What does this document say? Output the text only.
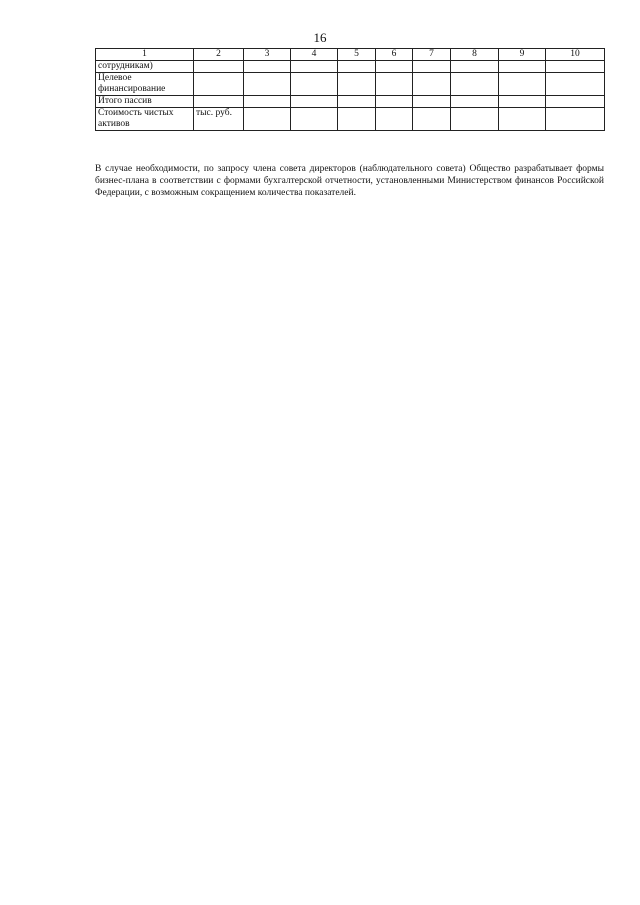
16
1	2	3	4	5	6	7	8	9	10
сотрудникам)									
Целевое финансирование									
Итого пассив									
Стоимость чистых активов	тыс. руб.								

В случае необходимости, по запросу члена совета директоров (наблюдательного совета) Общество разрабатывает формы бизнес-плана в соответствии с формами бухгалтерской отчетности, установленными Министерством финансов Российской Федерации, с возможным сокращением количества показателей.
